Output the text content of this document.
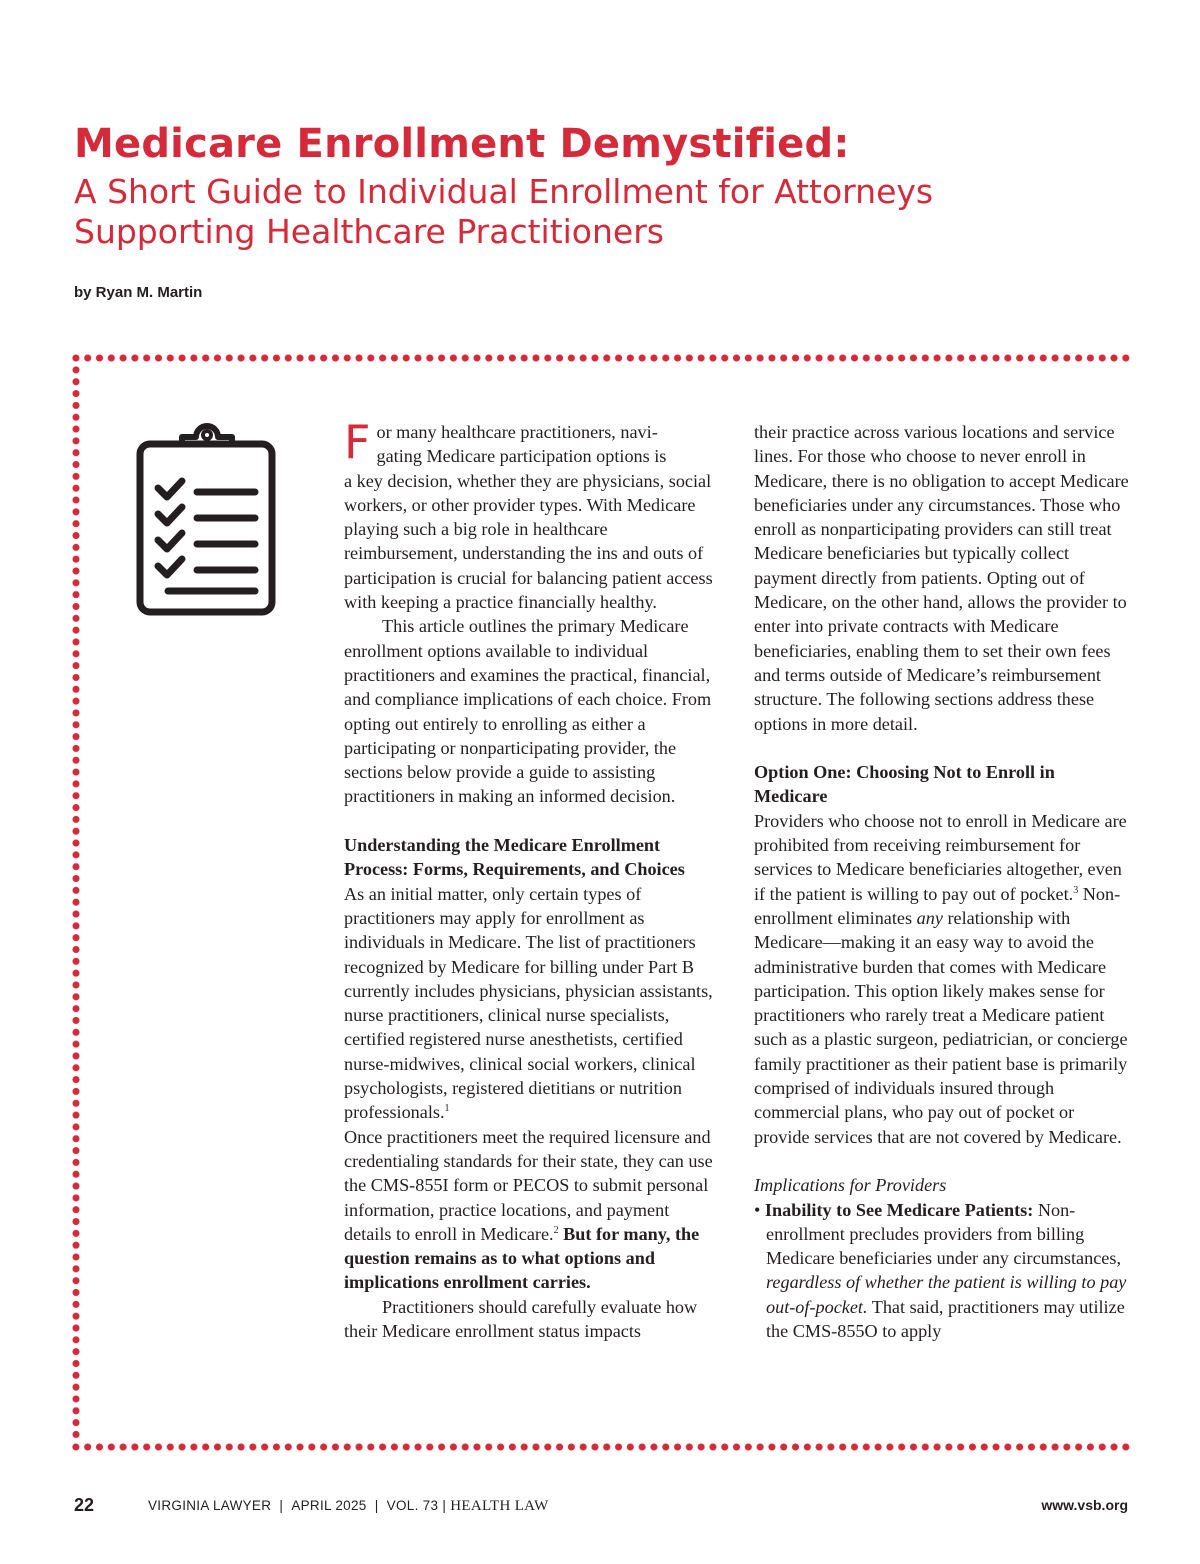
Medicare Enrollment Demystified:
A Short Guide to Individual Enrollment for Attorneys
Supporting Healthcare Practitioners
by Ryan M. Martin

F or many healthcare practitioners, navi-
gating Medicare participation options is
a key decision, whether they are physicians, social workers, or other provider types. With Medicare playing such a big role in healthcare reimbursement, understanding the ins and outs of participation is crucial for balancing patient access with keeping a practice financially healthy.

This article outlines the primary Medicare enrollment options available to individual practitioners and examines the practical, financial, and compliance implications of each choice. From opting out entirely to enrolling as either a participating or nonparticipating provider, the sections below provide a guide to assisting practitioners in making an informed decision.

Understanding the Medicare Enrollment Process: Forms, Requirements, and Choices

As an initial matter, only certain types of practitioners may apply for enrollment as individuals in Medicare. The list of practitioners recognized by Medicare for billing under Part B currently includes physicians, physician assistants, nurse practitioners, clinical nurse specialists, certified registered nurse anesthetists, certified nurse-midwives, clinical social workers, clinical psychologists, registered dietitians or nutrition professionals.$^1$

Once practitioners meet the required licensure and credentialing standards for their state, they can use the CMS-855I form or PECOS to submit personal information, practice locations, and payment details to enroll in Medicare.$^2$ But for many, the question remains as to what options and implications enrollment carries.

Practitioners should carefully evaluate how their Medicare enrollment status impacts

their practice across various locations and service lines. For those who choose to never enroll in Medicare, there is no obligation to accept Medicare beneficiaries under any circumstances. Those who enroll as nonparticipating providers can still treat Medicare beneficiaries but typically collect payment directly from patients. Opting out of Medicare, on the other hand, allows the provider to enter into private contracts with Medicare beneficiaries, enabling them to set their own fees and terms outside of Medicare’s reimbursement structure. The following sections address these options in more detail.

Option One: Choosing Not to Enroll in Medicare

Providers who choose not to enroll in Medicare are prohibited from receiving reimbursement for services to Medicare beneficiaries altogether, even if the patient is willing to pay out of pocket.$^3$ Non-enrollment eliminates any relationship with Medicare—making it an easy way to avoid the administrative burden that comes with Medicare participation. This option likely makes sense for practitioners who rarely treat a Medicare patient such as a plastic surgeon, pediatrician, or concierge family practitioner as their patient base is primarily comprised of individuals insured through commercial plans, who pay out of pocket or provide services that are not covered by Medicare.

Implications for Providers

• Inability to See Medicare Patients: Non-enrollment precludes providers from billing Medicare beneficiaries under any circumstances, regardless of whether the patient is willing to pay out-of-pocket. That said, practitioners may utilize the CMS-855O to apply

22	VIRGINIA LAWYER | APRIL 2025 | VOL. 73 | HEALTH LAW	www.vsb.org
